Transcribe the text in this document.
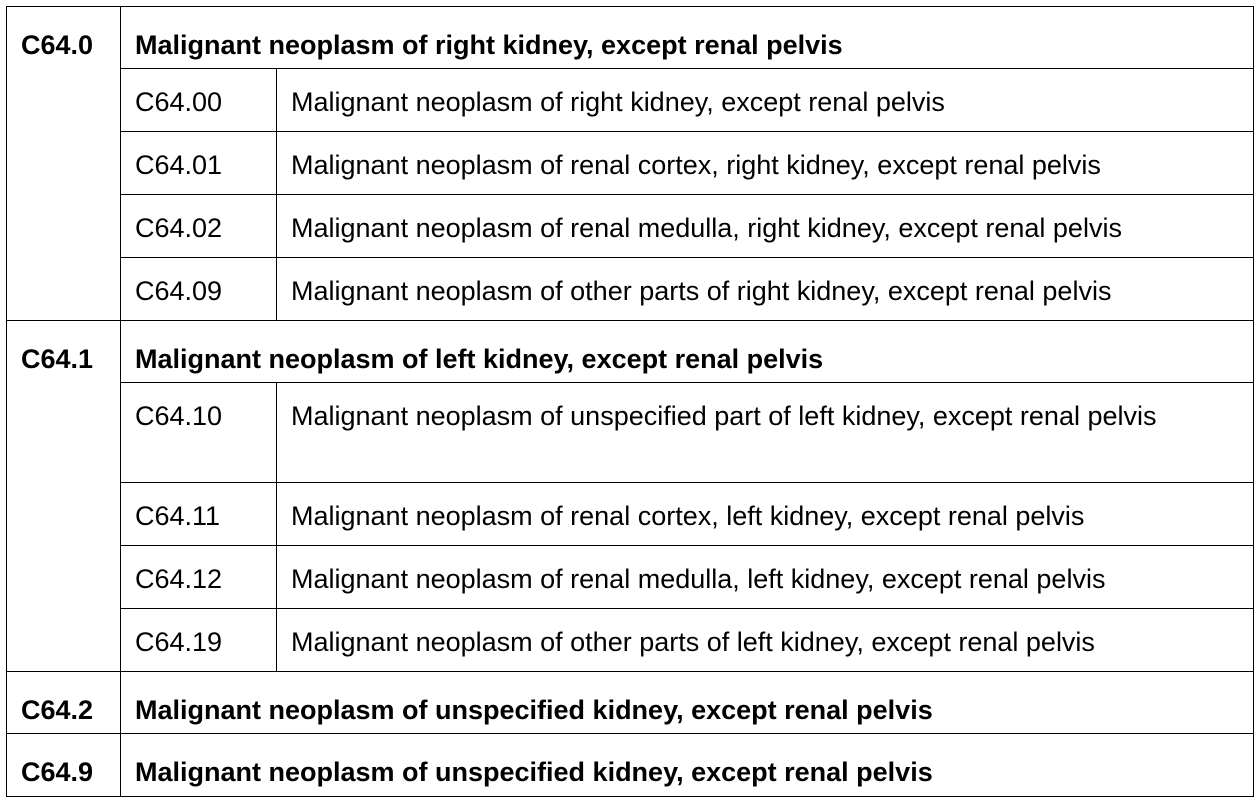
C64.0	Malignant neoplasm of right kidney, except renal pelvis	
	C64.00	Malignant neoplasm of right kidney, except renal pelvis
	C64.01	Malignant neoplasm of renal cortex, right kidney, except renal pelvis
	C64.02	Malignant neoplasm of renal medulla, right kidney, except renal pelvis
	C64.09	Malignant neoplasm of other parts of right kidney, except renal pelvis
C64.1	Malignant neoplasm of left kidney, except renal pelvis	
	C64.10	Malignant neoplasm of unspecified part of left kidney, except renal pelvis
	C64.11	Malignant neoplasm of renal cortex, left kidney, except renal pelvis
	C64.12	Malignant neoplasm of renal medulla, left kidney, except renal pelvis
	C64.19	Malignant neoplasm of other parts of left kidney, except renal pelvis
C64.2	Malignant neoplasm of unspecified kidney, except renal pelvis	
C64.9	Malignant neoplasm of unspecified kidney, except renal pelvis	
